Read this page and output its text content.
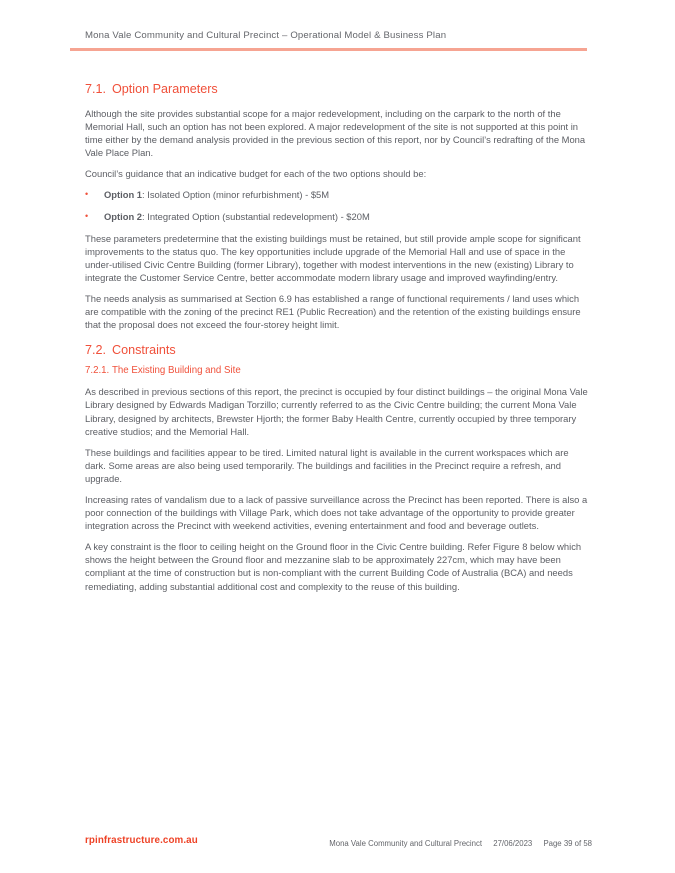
Mona Vale Community and Cultural Precinct – Operational Model & Business Plan
7.1. Option Parameters

Although the site provides substantial scope for a major redevelopment, including on the carpark to the north of the Memorial Hall, such an option has not been explored. A major redevelopment of the site is not supported at this point in time either by the demand analysis provided in the previous section of this report, nor by Council’s redrafting of the Mona Vale Place Plan.

Council’s guidance that an indicative budget for each of the two options should be:

•	Option 1: Isolated Option (minor refurbishment) - $5M
•	Option 2: Integrated Option (substantial redevelopment) - $20M

These parameters predetermine that the existing buildings must be retained, but still provide ample scope for significant improvements to the status quo. The key opportunities include upgrade of the Memorial Hall and use of space in the under-utilised Civic Centre Building (former Library), together with modest interventions in the new (existing) Library to integrate the Customer Service Centre, better accommodate modern library usage and improved wayfinding/entry.

The needs analysis as summarised at Section 6.9 has established a range of functional requirements / land uses which are compatible with the zoning of the precinct RE1 (Public Recreation) and the retention of the existing buildings ensure that the proposal does not exceed the four-storey height limit.

7.2. Constraints
7.2.1. The Existing Building and Site

As described in previous sections of this report, the precinct is occupied by four distinct buildings – the original Mona Vale Library designed by Edwards Madigan Torzillo; currently referred to as the Civic Centre building; the current Mona Vale Library, designed by architects, Brewster Hjorth; the former Baby Health Centre, currently occupied by three temporary creative studios; and the Memorial Hall.

These buildings and facilities appear to be tired. Limited natural light is available in the current workspaces which are dark. Some areas are also being used temporarily. The buildings and facilities in the Precinct require a refresh, and upgrade.

Increasing rates of vandalism due to a lack of passive surveillance across the Precinct has been reported. There is also a poor connection of the buildings with Village Park, which does not take advantage of the opportunity to provide greater integration across the Precinct with weekend activities, evening entertainment and food and beverage outlets.

A key constraint is the floor to ceiling height on the Ground floor in the Civic Centre building. Refer Figure 8 below which shows the height between the Ground floor and mezzanine slab to be approximately 227cm, which may have been compliant at the time of construction but is non-compliant with the current Building Code of Australia (BCA) and needs remediating, adding substantial additional cost and complexity to the reuse of this building.

rpinfrastructure.com.au	Mona Vale Community and Cultural Precinct 27/06/2023 Page 39 of 58
